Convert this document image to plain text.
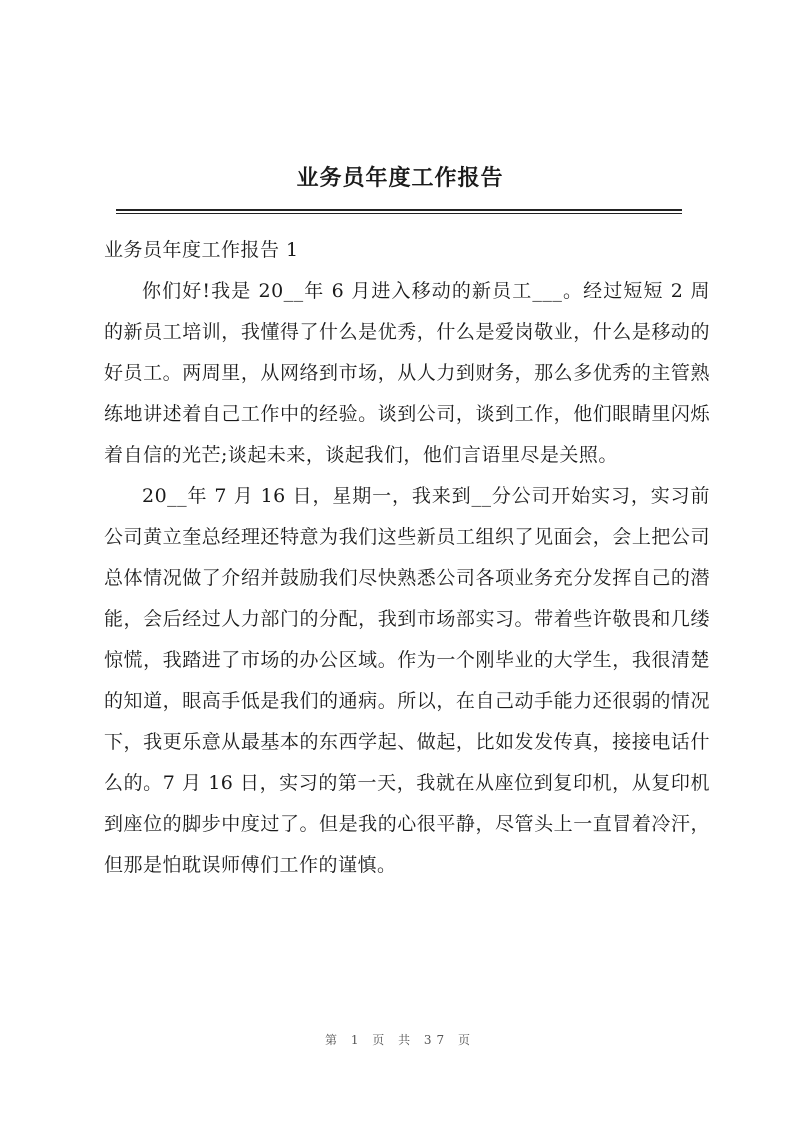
业务员年度工作报告

业务员年度工作报告 1

你们好!我是 20__年 6 月进入移动的新员工___。经过短短 2 周的新员工培训，我懂得了什么是优秀，什么是爱岗敬业，什么是移动的好员工。两周里，从网络到市场，从人力到财务，那么多优秀的主管熟练地讲述着自己工作中的经验。谈到公司，谈到工作，他们眼睛里闪烁着自信的光芒;谈起未来，谈起我们，他们言语里尽是关照。

20__年 7 月 16 日，星期一，我来到__分公司开始实习，实习前公司黄立奎总经理还特意为我们这些新员工组织了见面会，会上把公司总体情况做了介绍并鼓励我们尽快熟悉公司各项业务充分发挥自己的潜能，会后经过人力部门的分配，我到市场部实习。带着些许敬畏和几缕惊慌，我踏进了市场的办公区域。作为一个刚毕业的大学生，我很清楚的知道，眼高手低是我们的通病。所以，在自己动手能力还很弱的情况下，我更乐意从最基本的东西学起、做起，比如发发传真，接接电话什么的。7 月 16 日，实习的第一天，我就在从座位到复印机，从复印机到座位的脚步中度过了。但是我的心很平静，尽管头上一直冒着冷汗，但那是怕耽误师傅们工作的谨慎。

第 1 页 共 37 页
